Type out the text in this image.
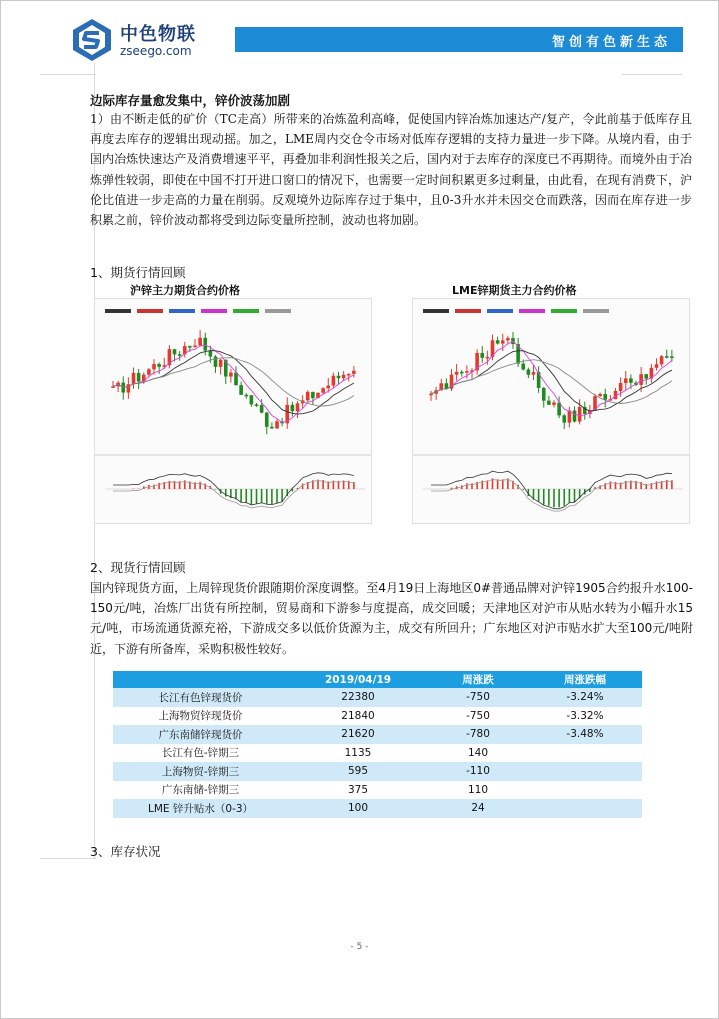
中色物联
zseego.com
智创有色新生态
边际库存量愈发集中，锌价波荡加剧
1）由不断走低的矿价（TC走高）所带来的冶炼盈利高峰，促使国内锌冶炼加速达产/复产，令此前基于低库存且再度去库存的逻辑出现动摇。加之，LME周内交仓令市场对低库存逻辑的支持力量进一步下降。从境内看，由于国内冶炼快速达产及消费增速平平，再叠加非利润性报关之后，国内对于去库存的深度已不再期待。而境外由于冶炼弹性较弱，即使在中国不打开进口窗口的情况下，也需要一定时间积累更多过剩量，由此看，在现有消费下，沪伦比值进一步走高的力量在削弱。反观境外边际库存过于集中，且0-3升水并未因交仓而跌落，因而在库存进一步积累之前，锌价波动都将受到边际变量所控制，波动也将加剧。
1、期货行情回顾
沪锌主力期货合约价格	LME锌期货主力合约价格
2、现货行情回顾
国内锌现货方面，上周锌现货价跟随期价深度调整。至4月19日上海地区0#普通品牌对沪锌1905合约报升水100-150元/吨，冶炼厂出货有所控制，贸易商和下游参与度提高，成交回暖；天津地区对沪市从贴水转为小幅升水15元/吨，市场流通货源充裕，下游成交多以低价货源为主，成交有所回升；广东地区对沪市贴水扩大至100元/吨附近，下游有所备库，采购积极性较好。
	2019/04/19	周涨跌	周涨跌幅
长江有色锌现货价	22380	-750	-3.24%
上海物贸锌现货价	21840	-750	-3.32%
广东南储锌现货价	21620	-780	-3.48%
长江有色-锌期三	1135	140	
上海物贸-锌期三	595	-110	
广东南储-锌期三	375	110	
LME 锌升贴水（0-3）	100	24	
3、库存状况
- 5 -
